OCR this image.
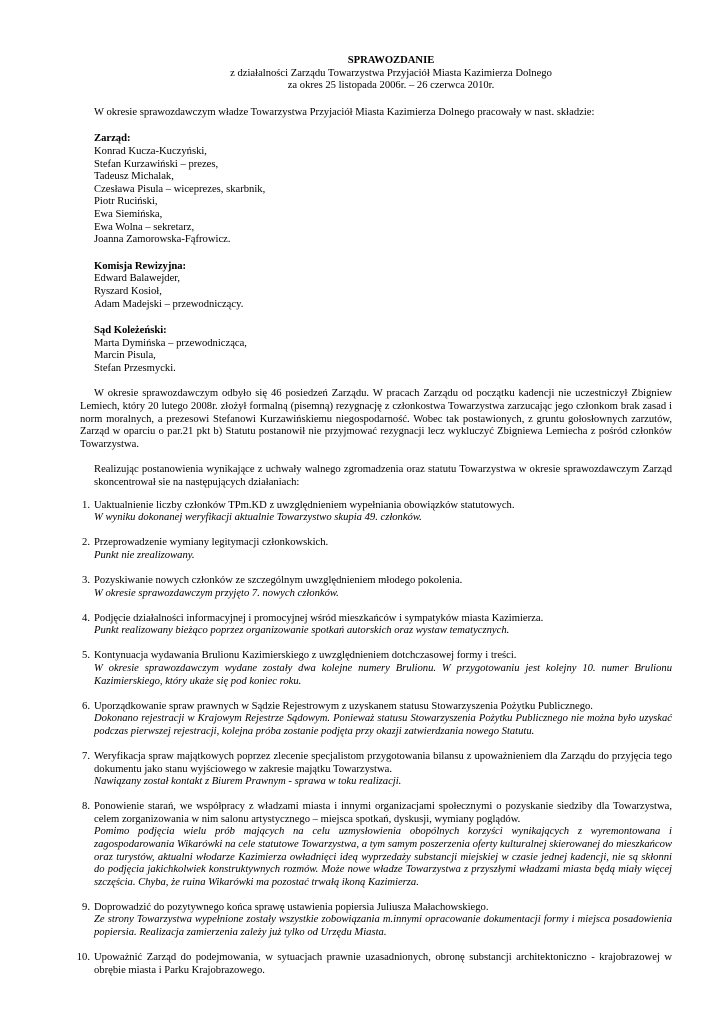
SPRAWOZDANIE

z działalności Zarządu Towarzystwa Przyjaciół Miasta Kazimierza Dolnego

za okres 25 listopada 2006r. – 26 czerwca 2010r.

W okresie sprawozdawczym władze Towarzystwa Przyjaciół Miasta Kazimierza Dolnego pracowały w nast. składzie:

Zarząd:

Konrad Kucza-Kuczyński,

Stefan Kurzawiński – prezes,

Tadeusz Michalak,

Czesława Pisula – wiceprezes, skarbnik,

Piotr Ruciński,

Ewa Siemińska,

Ewa Wolna – sekretarz,

Joanna Zamorowska-Fąfrowicz.

Komisja Rewizyjna:

Edward Balawejder,

Ryszard Kosioł,

Adam Madejski – przewodniczący.

Sąd Koleżeński:

Marta Dymińska – przewodnicząca,

Marcin Pisula,

Stefan Przesmycki.

W okresie sprawozdawczym odbyło się 46 posiedzeń Zarządu. W pracach Zarządu od początku kadencji nie uczestniczył Zbigniew Lemiech, który 20 lutego 2008r. złożył formalną (pisemną) rezygnację z członkostwa Towarzystwa zarzucając jego członkom brak zasad i norm moralnych, a prezesowi Stefanowi Kurzawińskiemu niegospodarność. Wobec tak postawionych, z gruntu gołosłownych zarzutów, Zarząd w oparciu o par.21 pkt b) Statutu postanowił nie przyjmować rezygnacji lecz wykluczyć Zbigniewa Lemiecha z pośród członków Towarzystwa.

Realizując postanowienia wynikające z uchwały walnego zgromadzenia oraz statutu Towarzystwa w okresie sprawozdawczym Zarząd skoncentrował sie na następujących działaniach:

1. Uaktualnienie liczby członków TPm.KD z uwzględnieniem wypełniania obowiązków statutowych.
W wyniku dokonanej weryfikacji aktualnie Towarzystwo skupia 49. członków.
2. Przeprowadzenie wymiany legitymacji członkowskich.
Punkt nie zrealizowany.
3. Pozyskiwanie nowych członków ze szczególnym uwzględnieniem młodego pokolenia.
W okresie sprawozdawczym przyjęto 7. nowych członków.
4. Podjęcie działalności informacyjnej i promocyjnej wśród mieszkańców i sympatyków miasta Kazimierza.
Punkt realizowany bieżąco poprzez organizowanie spotkań autorskich oraz wystaw tematycznych.
5. Kontynuacja wydawania Brulionu Kazimierskiego z uwzględnieniem dotchczasowej formy i treści.
W okresie sprawozdawczym wydane zostały dwa kolejne numery Brulionu. W przygotowaniu jest kolejny 10. numer Brulionu Kazimierskiego, który ukaże się pod koniec roku.
6. Uporządkowanie spraw prawnych w Sądzie Rejestrowym z uzyskanem statusu Stowarzyszenia Pożytku Publicznego.
Dokonano rejestracji w Krajowym Rejestrze Sądowym. Ponieważ statusu Stowarzyszenia Pożytku Publicznego nie można było uzyskać podczas pierwszej rejestracji, kolejna próba zostanie podjęta przy okazji zatwierdzania nowego Statutu.
7. Weryfikacja spraw majątkowych poprzez zlecenie specjalistom przygotowania bilansu z upoważnieniem dla Zarządu do przyjęcia tego dokumentu jako stanu wyjściowego w zakresie majątku Towarzystwa.
Nawiązany został kontakt z Biurem Prawnym - sprawa w toku realizacji.
8. Ponowienie starań, we współpracy z władzami miasta i innymi organizacjami społecznymi o pozyskanie siedziby dla Towarzystwa, celem zorganizowania w nim salonu artystycznego – miejsca spotkań, dyskusji, wymiany poglądów.
Pomimo podjęcia wielu prób mających na celu uzmysłowienia obopólnych korzyści wynikających z wyremontowana i zagospodarowania Wikarówki na cele statutowe Towarzystwa, a tym samym poszerzenia oferty kulturalnej skierowanej do mieszkańcow oraz turystów, aktualni włodarze Kazimierza owładnięci ideą wyprzedaży substancji miejskiej w czasie jednej kadencji, nie są skłonni do podjęcia jakichkolwiek konstruktywnych rozmów. Może nowe władze Towarzystwa z przyszłymi władzami miasta będą miały więcej szczęścia. Chyba, że ruina Wikarówki ma pozostać trwałą ikoną Kazimierza.
9. Doprowadzić do pozytywnego końca sprawę ustawienia popiersia Juliusza Małachowskiego.
Ze strony Towarzystwa wypełnione zostały wszystkie zobowiązania m.innymi opracowanie dokumentacji formy i miejsca posadowienia popiersia. Realizacja zamierzenia zależy już tylko od Urzędu Miasta.
10. Upoważnić Zarząd do podejmowania, w sytuacjach prawnie uzasadnionych, obronę substancji architektoniczno - krajobrazowej w obrębie miasta i Parku Krajobrazowego.
